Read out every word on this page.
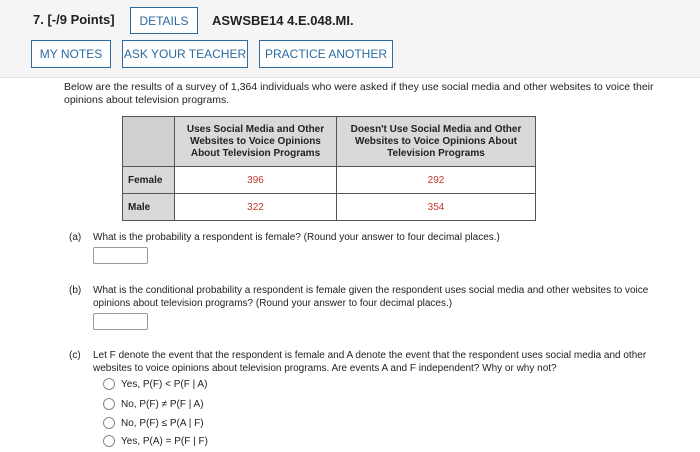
7. [-/9 Points]	DETAILS	ASWSBE14 4.E.048.MI.
MY NOTES	ASK YOUR TEACHER	PRACTICE ANOTHER

Below are the results of a survey of 1,364 individuals who were asked if they use social media and other websites to voice their opinions about television programs.

	Uses Social Media and Other Websites to Voice Opinions About Television Programs	Doesn't Use Social Media and Other Websites to Voice Opinions About Television Programs
Female	396	292
Male	322	354
(a) What is the probability a respondent is female? (Round your answer to four decimal places.)
(b) What is the conditional probability a respondent is female given the respondent uses social media and other websites to voice opinions about television programs? (Round your answer to four decimal places.)
(c) Let F denote the event that the respondent is female and A denote the event that the respondent uses social media and other websites to voice opinions about television programs. Are events A and F independent? Why or why not?
Yes, P(F) < P(F | A)
No, P(F) ≠ P(F | A)
No, P(F) ≤ P(A | F)
Yes, P(A) = P(F | F)
